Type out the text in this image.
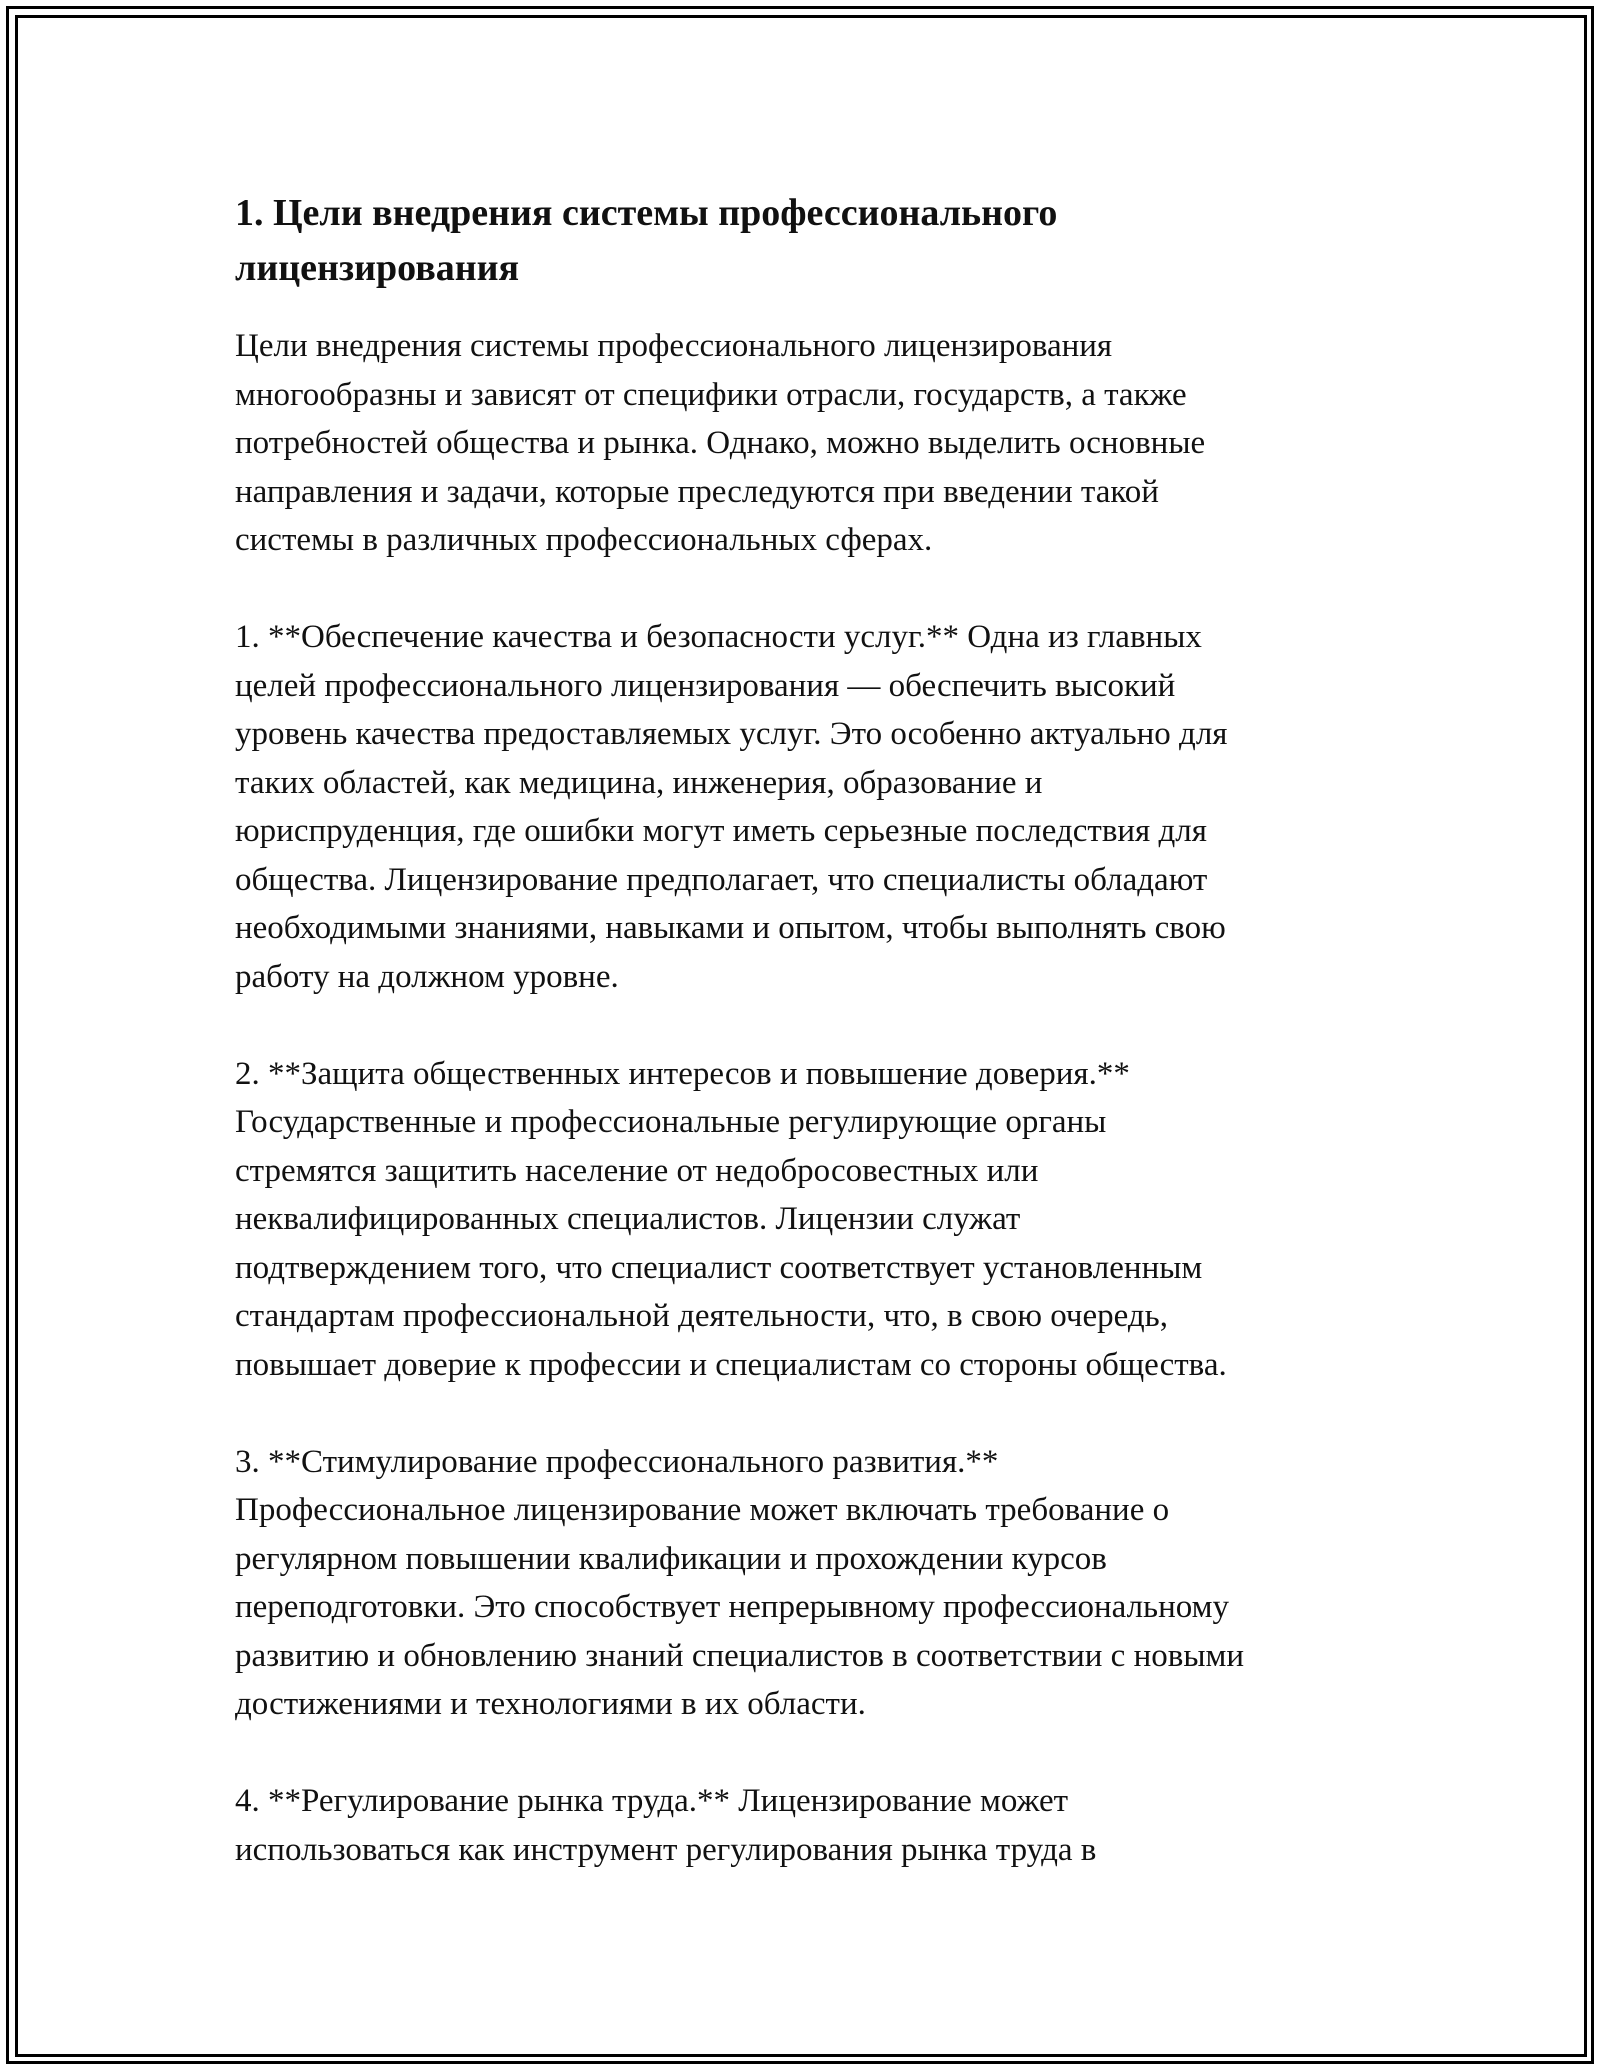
1. Цели внедрения системы профессионального
лицензирования

Цели внедрения системы профессионального лицензирования
многообразны и зависят от специфики отрасли, государств, а также
потребностей общества и рынка. Однако, можно выделить основные
направления и задачи, которые преследуются при введении такой
системы в различных профессиональных сферах.

1. **Обеспечение качества и безопасности услуг.** Одна из главных
целей профессионального лицензирования — обеспечить высокий
уровень качества предоставляемых услуг. Это особенно актуально для
таких областей, как медицина, инженерия, образование и
юриспруденция, где ошибки могут иметь серьезные последствия для
общества. Лицензирование предполагает, что специалисты обладают
необходимыми знаниями, навыками и опытом, чтобы выполнять свою
работу на должном уровне.

2. **Защита общественных интересов и повышение доверия.**
Государственные и профессиональные регулирующие органы
стремятся защитить население от недобросовестных или
неквалифицированных специалистов. Лицензии служат
подтверждением того, что специалист соответствует установленным
стандартам профессиональной деятельности, что, в свою очередь,
повышает доверие к профессии и специалистам со стороны общества.

3. **Стимулирование профессионального развития.**
Профессиональное лицензирование может включать требование о
регулярном повышении квалификации и прохождении курсов
переподготовки. Это способствует непрерывному профессиональному
развитию и обновлению знаний специалистов в соответствии с новыми
достижениями и технологиями в их области.

4. **Регулирование рынка труда.** Лицензирование может
использоваться как инструмент регулирования рынка труда в
